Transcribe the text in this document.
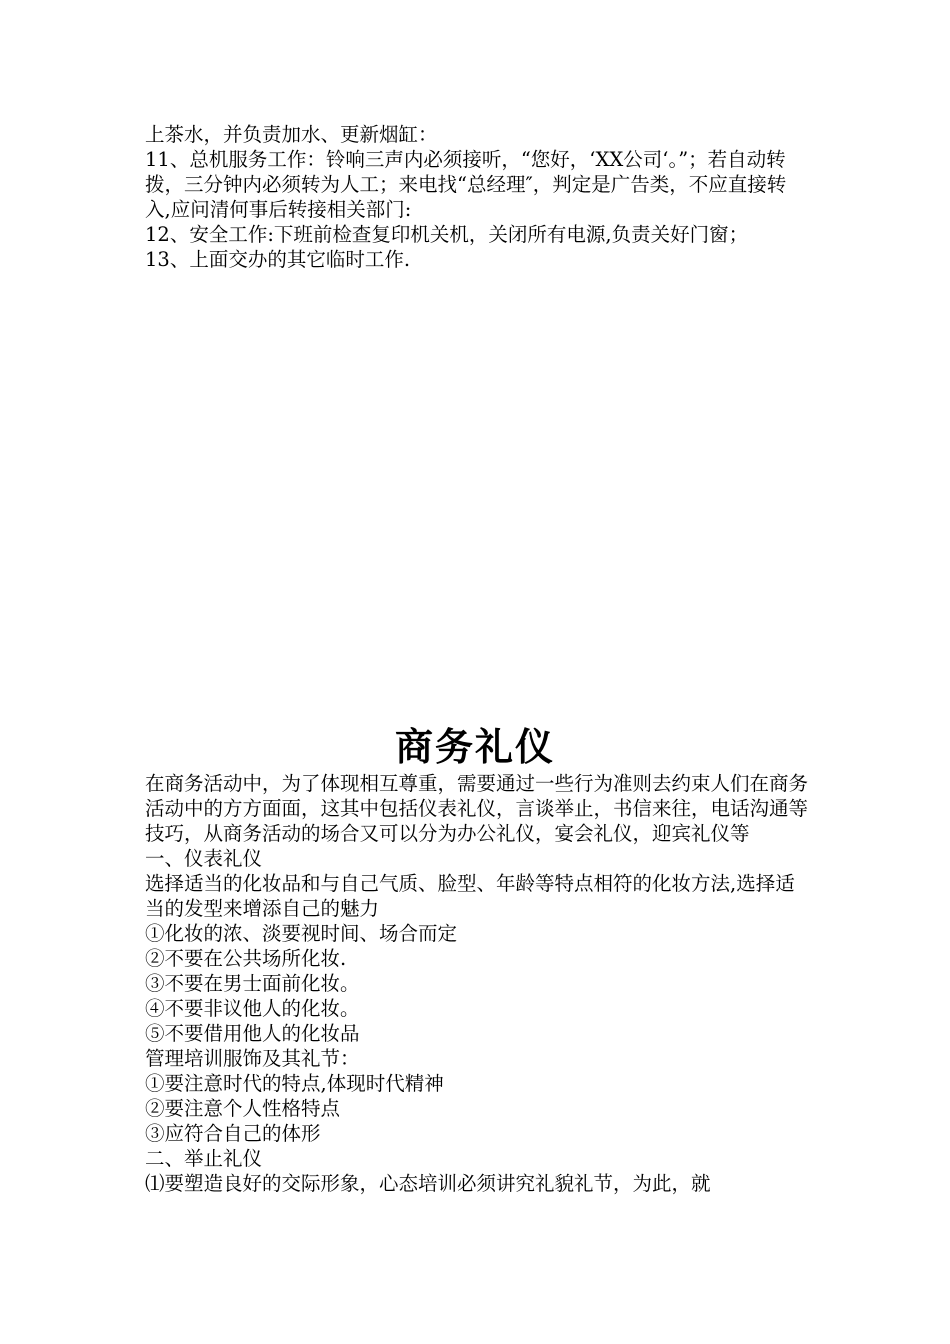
上茶水，并负责加水、更新烟缸：

11、总机服务工作：铃响三声内必须接听，“您好，‘XX公司‘。”；若自动转拨，三分钟内必须转为人工；来电找“总经理″，判定是广告类，不应直接转入,应问清何事后转接相关部门:

12、安全工作:下班前检查复印机关机，关闭所有电源,负责关好门窗；

13、上面交办的其它临时工作.

商务礼仪

在商务活动中，为了体现相互尊重，需要通过一些行为准则去约束人们在商务活动中的方方面面，这其中包括仪表礼仪，言谈举止，书信来往，电话沟通等技巧，从商务活动的场合又可以分为办公礼仪，宴会礼仪，迎宾礼仪等

一、仪表礼仪

选择适当的化妆品和与自己气质、脸型、年龄等特点相符的化妆方法,选择适当的发型来增添自己的魅力

①化妆的浓、淡要视时间、场合而定

②不要在公共场所化妆.

③不要在男士面前化妆。

④不要非议他人的化妆。

⑤不要借用他人的化妆品

管理培训服饰及其礼节：

①要注意时代的特点,体现时代精神

②要注意个人性格特点

③应符合自己的体形

二、举止礼仪

⑴要塑造良好的交际形象，心态培训必须讲究礼貌礼节，为此，就
